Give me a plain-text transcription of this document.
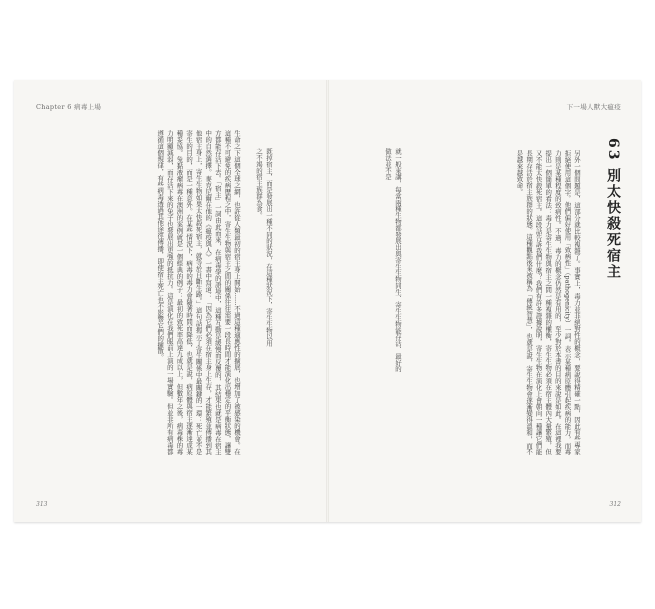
Chapter 6 病毒上場
既掉宿主，而是發展出一種不同的狀況，在這種狀況下，寄生生物以用之不竭的宿主族群為食。
生命之下這個全球之網，也許從人類最初的宿主身上開始……不過這種適應性的擴展，也增加了被感染的機會。在這種不可避免的疾病歷程之中，寄生生物與宿主之間的關係往往需要一段長時間才能演化出穩定的平衡狀態，讓雙方都能存活下去。「宿主」一詞由此而來，在病毒學的語境中，這種互動是緩慢而反覆的，其結果也就是病毒在宿主中的自然選擇。麥克尼爾在他的《瘟疫與人》一書中寫道：「因為它們必須在宿主身上生存，才能繁殖並傳播到其他宿主身上，寄生生物如果太快殺死宿主，就等於自斷生路。」這句話揭示了寄生關係中最關鍵的一環：死亡並不是寄生的目的，而是一種意外。在某些情況下，病毒的毒力會隨著時間而降低，也就是說，病原體與宿主逐漸達成某種妥協。兔黏液瘤病毒在澳洲的案例就是一個經典的例子：最初的致死率高達九成以上，但數年之後，病毒株的毒力明顯減弱，而存活下來的兔子也發展出更強的抵抗力。這是演化在我們眼前上演的一場實驗。但並非所有病毒都遵循這個規律，有些病毒透過其他途徑傳播，即使宿主死亡也不影響它們的擴散。
313
下一場人獸大瘟疫
63 別太快殺死宿主
就一般來講，每當兩種生物都發展出與寄生生物同生、寄生生物能存活、最好的做法並不是	另外一個問題是，這部分就比較複雜了。事實上，毒力並非絕對性的概念，要說得精確一點，因此有些專家拒絕使用這個字。他們偏好使用「致病性」（pathogenicity）一詞，表示某種病原體引起疾病的能力，而毒力則是某種程度的致病性。不過，毒力的概念仍然是有用的，至少對於本書的目的來說是如此。在這裡我要提出一個簡單的看法：毒力是寄生生物與宿主之間一種複雜的權衡，寄生生物必須在宿主體內大量繁殖，但又不能太快殺死宿主。這段話告訴我們什麼？我們有許多證據說明，寄生生物在演化上會朝向一種讓它們能長期存活於宿主族群的狀態。這種觀點後來被稱為「傳統智慧」，也就是說，寄生生物會逐漸變得溫和，而不是越來越致命。
312
